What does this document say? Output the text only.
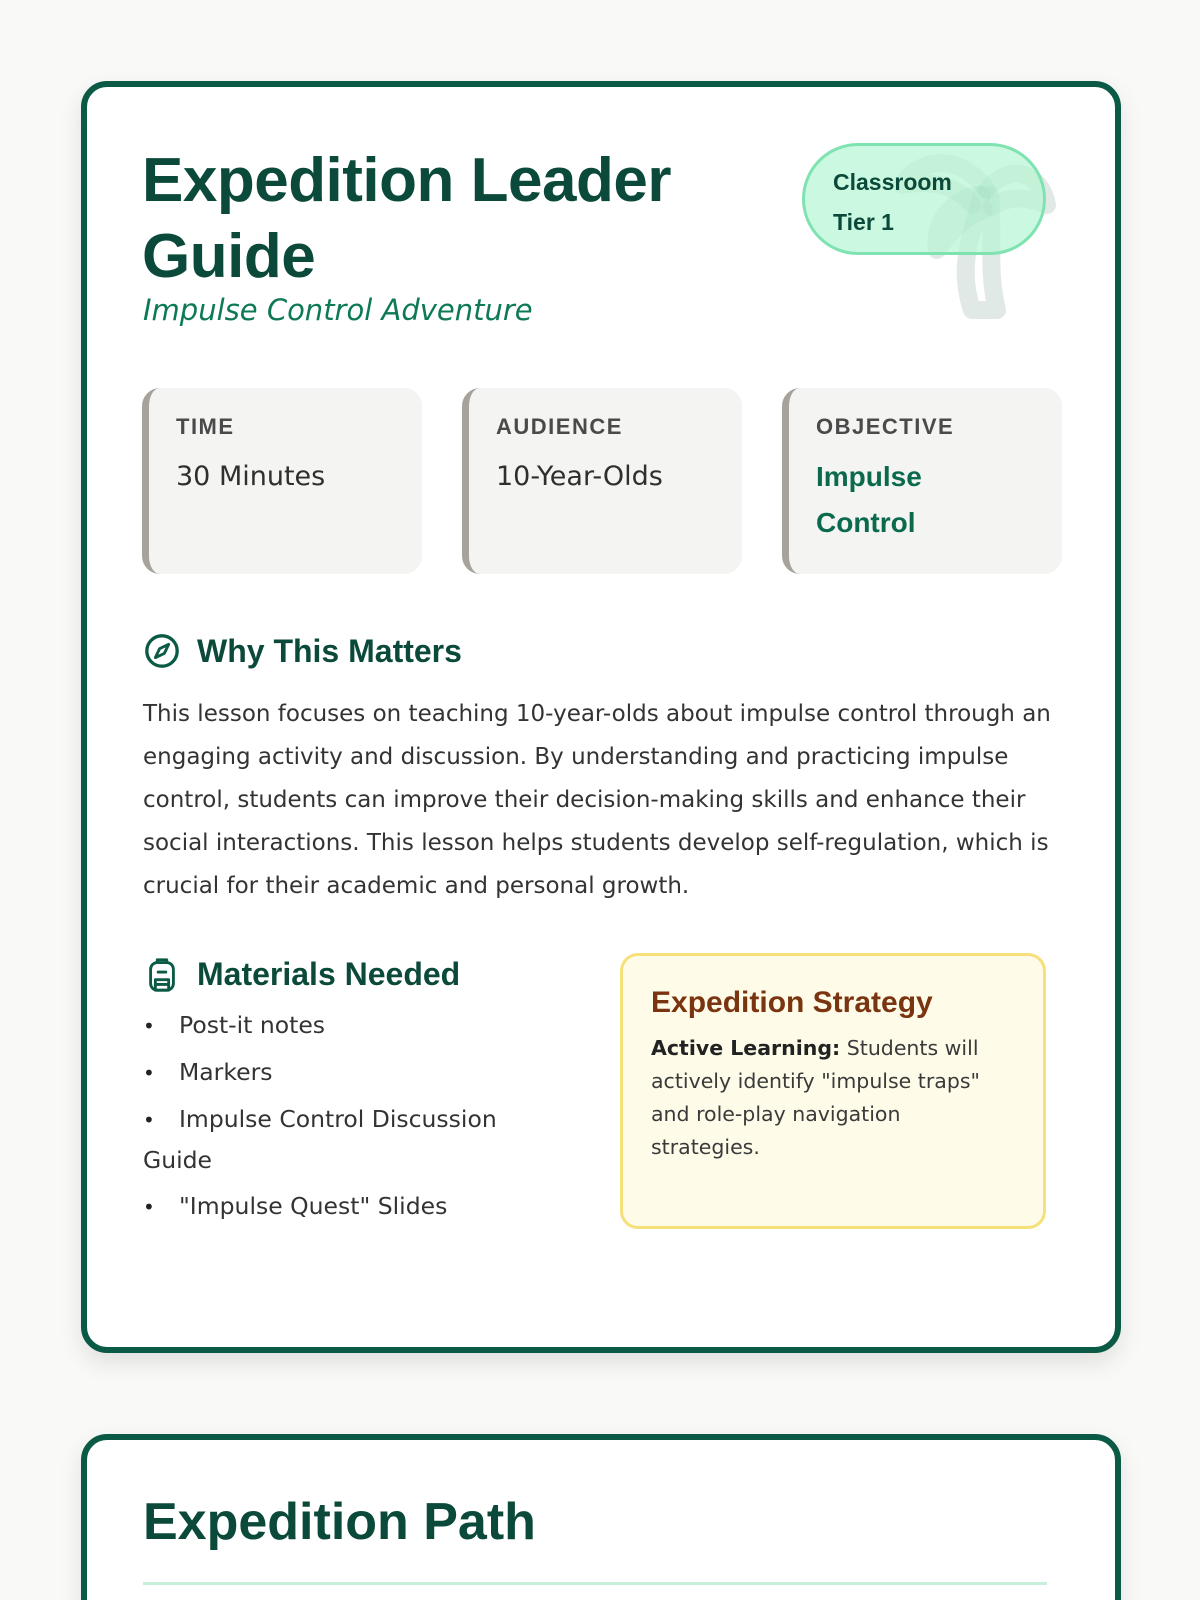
Expedition Leader Guide
Impulse Control Adventure
Classroom
Tier 1
TIME
30 Minutes
AUDIENCE
10-Year-Olds
OBJECTIVE
Impulse Control
Why This Matters

This lesson focuses on teaching 10-year-olds about impulse control through an engaging activity and discussion. By understanding and practicing impulse control, students can improve their decision-making skills and enhance their social interactions. This lesson helps students develop self-regulation, which is crucial for their academic and personal growth.

Materials Needed
• Post-it notes
• Markers
• Impulse Control Discussion Guide
• "Impulse Quest" Slides
Expedition Strategy

Active Learning: Students will actively identify "impulse traps" and role-play navigation strategies.

Expedition Path
